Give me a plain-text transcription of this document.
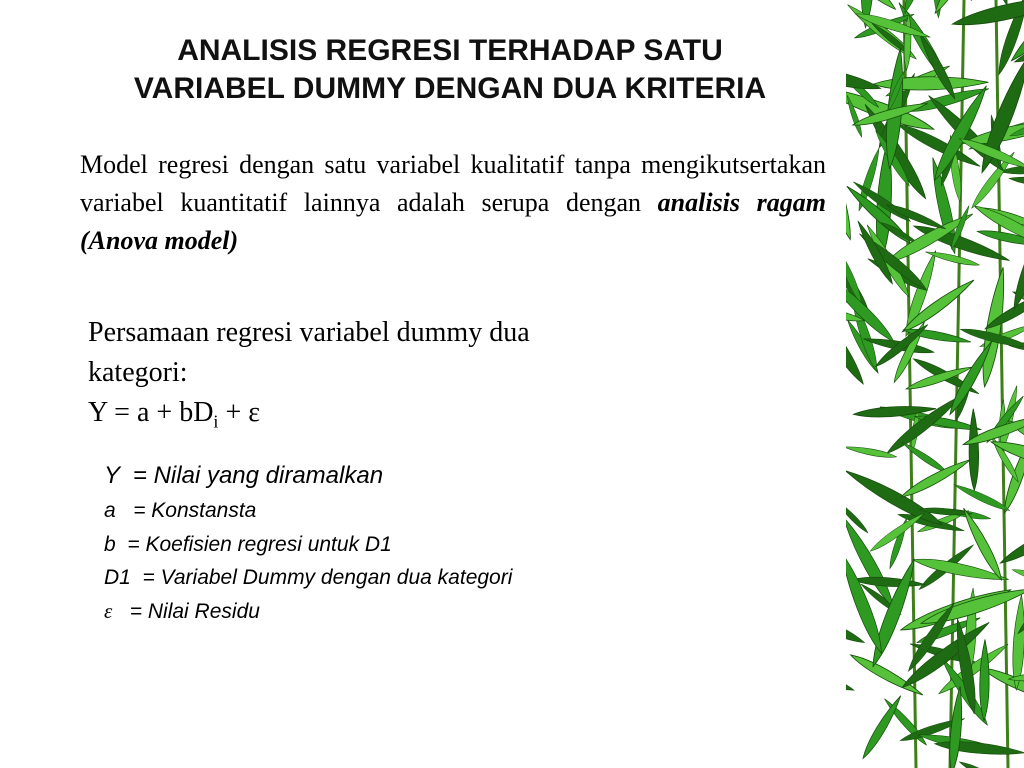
ANALISIS REGRESI TERHADAP SATU
VARIABEL DUMMY DENGAN DUA KRITERIA

Model regresi dengan satu variabel kualitatif tanpa mengikutsertakan variabel kuantitatif lainnya adalah serupa dengan analisis ragam (Anova model)

Persamaan regresi variabel dummy dua
kategori:
$Y = a + bD_i + \varepsilon$
Y  = Nilai yang diramalkan
a   = Konstansta
b  = Koefisien regresi untuk D1
D1  = Variabel Dummy dengan dua kategori
ε   = Nilai Residu
